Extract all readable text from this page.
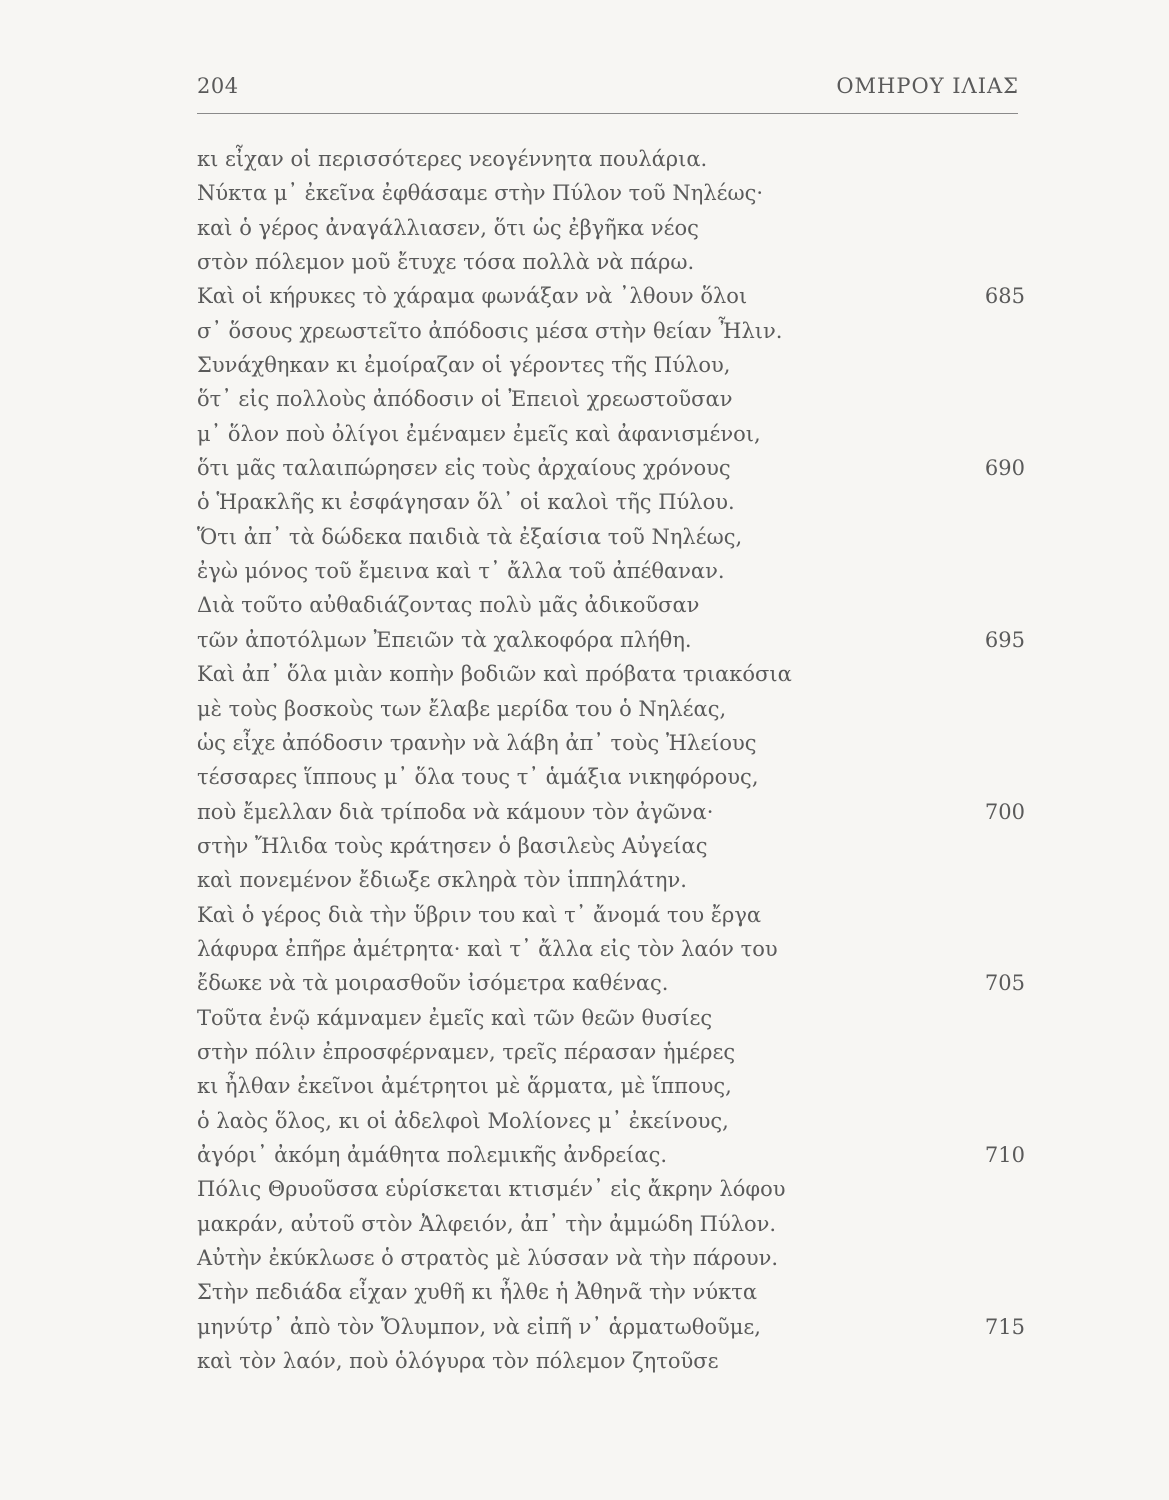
204	ΟΜΗΡΟΥ ΙΛΙΑΣ
κι εἶχαν οἱ περισσότερες νεογέννητα πουλάρια.
Νύκτα μ᾽ ἐκεῖνα ἐφθάσαμε στὴν Πύλον τοῦ Νηλέως·
καὶ ὁ γέρος ἀναγάλλιασεν, ὅτι ὡς ἐβγῆκα νέος
στὸν πόλεμον μοῦ ἔτυχε τόσα πολλὰ νὰ πάρω.
Καὶ οἱ κήρυκες τὸ χάραμα φωνάξαν νὰ ᾽λθουν ὅλοι	685
σ᾽ ὅσους χρεωστεῖτο ἀπόδοσις μέσα στὴν θείαν Ἦλιν.
Συνάχθηκαν κι ἐμοίραζαν οἱ γέροντες τῆς Πύλου,
ὅτ᾽ εἰς πολλοὺς ἀπόδοσιν οἱ Ἐπειοὶ χρεωστοῦσαν
μ᾽ ὅλον ποὺ ὀλίγοι ἐμέναμεν ἐμεῖς καὶ ἀφανισμένοι,
ὅτι μᾶς ταλαιπώρησεν εἰς τοὺς ἀρχαίους χρόνους	690
ὁ Ἡρακλῆς κι ἐσφάγησαν ὅλ᾽ οἱ καλοὶ τῆς Πύλου.
Ὅτι ἀπ᾽ τὰ δώδεκα παιδιὰ τὰ ἐξαίσια τοῦ Νηλέως,
ἐγὼ μόνος τοῦ ἔμεινα καὶ τ᾽ ἄλλα τοῦ ἀπέθαναν.
Διὰ τοῦτο αὐθαδιάζοντας πολὺ μᾶς ἀδικοῦσαν
τῶν ἀποτόλμων Ἐπειῶν τὰ χαλκοφόρα πλήθη.	695
Καὶ ἀπ᾽ ὅλα μιὰν κοπὴν βοδιῶν καὶ πρόβατα τριακόσια
μὲ τοὺς βοσκοὺς των ἔλαβε μερίδα του ὁ Νηλέας,
ὡς εἶχε ἀπόδοσιν τρανὴν νὰ λάβη ἀπ᾽ τοὺς Ἠλείους
τέσσαρες ἵππους μ᾽ ὅλα τους τ᾽ ἁμάξια νικηφόρους,
ποὺ ἔμελλαν διὰ τρίποδα νὰ κάμουν τὸν ἀγῶνα·	700
στὴν Ἤλιδα τοὺς κράτησεν ὁ βασιλεὺς Αὐγείας
καὶ πονεμένον ἔδιωξε σκληρὰ τὸν ἱππηλάτην.
Καὶ ὁ γέρος διὰ τὴν ὕβριν του καὶ τ᾽ ἄνομά του ἔργα
λάφυρα ἐπῆρε ἀμέτρητα· καὶ τ᾽ ἄλλα εἰς τὸν λαόν του
ἔδωκε νὰ τὰ μοιρασθοῦν ἰσόμετρα καθένας.	705
Τοῦτα ἐνῷ κάμναμεν ἐμεῖς καὶ τῶν θεῶν θυσίες
στὴν πόλιν ἐπροσφέρναμεν, τρεῖς πέρασαν ἡμέρες
κι ἦλθαν ἐκεῖνοι ἀμέτρητοι μὲ ἅρματα, μὲ ἵππους,
ὁ λαὸς ὅλος, κι οἱ ἀδελφοὶ Μολίονες μ᾽ ἐκείνους,
ἀγόρι᾽ ἀκόμη ἀμάθητα πολεμικῆς ἀνδρείας.	710
Πόλις Θρυοῦσσα εὑρίσκεται κτισμέν᾽ εἰς ἄκρην λόφου
μακράν, αὐτοῦ στὸν Ἀλφειόν, ἀπ᾽ τὴν ἀμμώδη Πύλον.
Αὐτὴν ἐκύκλωσε ὁ στρατὸς μὲ λύσσαν νὰ τὴν πάρουν.
Στὴν πεδιάδα εἶχαν χυθῆ κι ἦλθε ἡ Ἀθηνᾶ τὴν νύκτα
μηνύτρ᾽ ἀπὸ τὸν Ὄλυμπον, νὰ εἰπῆ ν᾽ ἁρματωθοῦμε,	715
καὶ τὸν λαόν, ποὺ ὁλόγυρα τὸν πόλεμον ζητοῦσε
